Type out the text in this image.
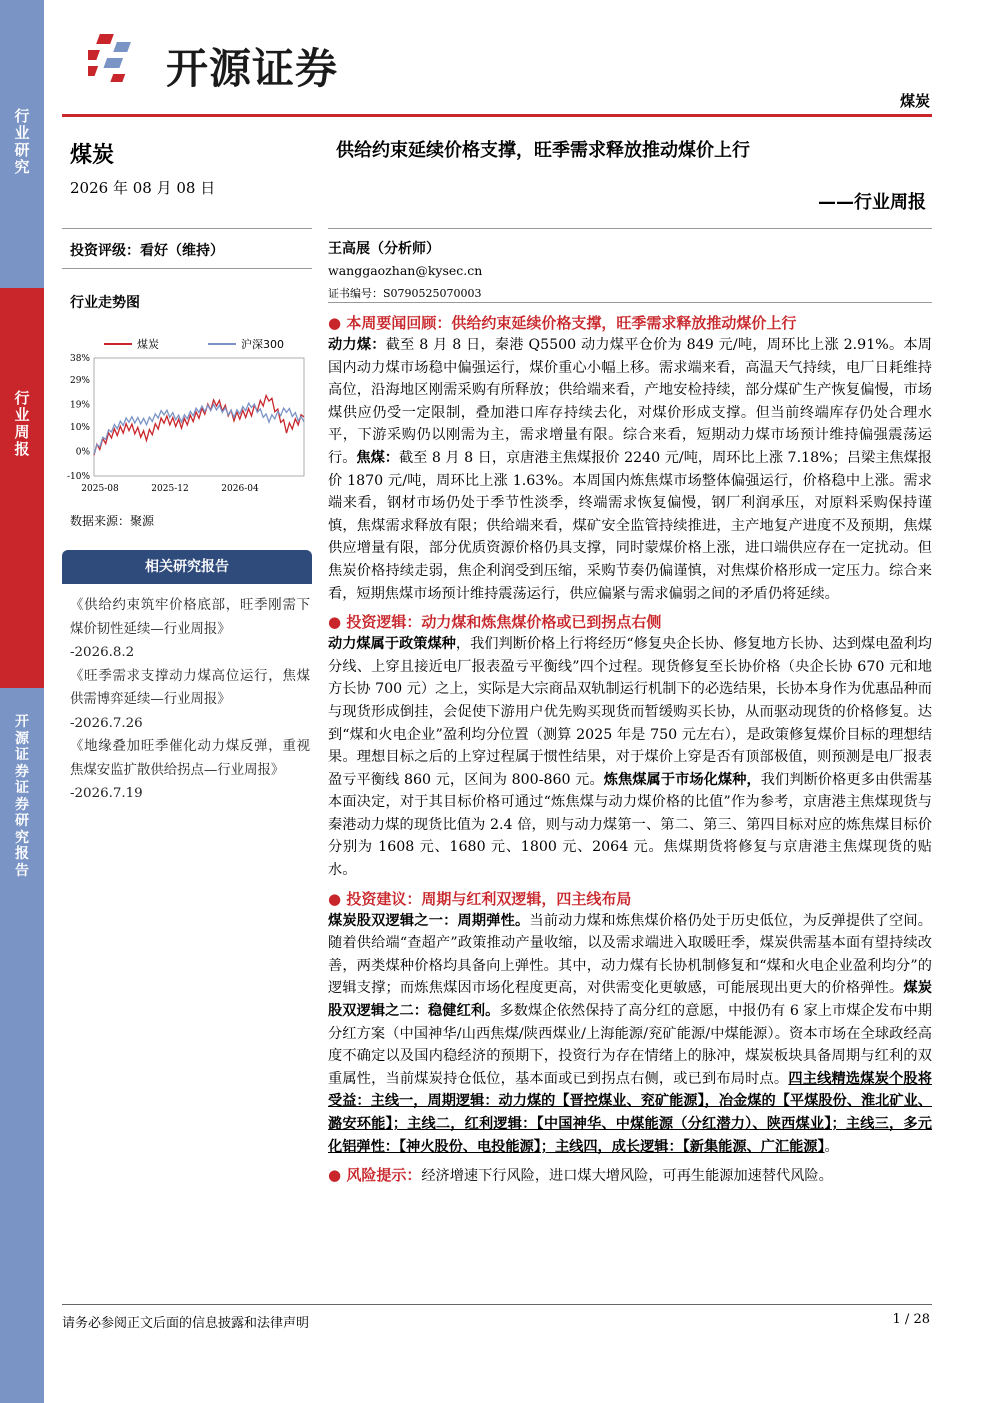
行业研究
行业周报
开源证券 证券研究报告
开源证券
煤炭
煤炭
2026 年 08 月 08 日
投资评级：看好（维持）
行业走势图
38%
29%
19%
10%
0%
-10%
2025-08	2025-12	2026-04
煤炭	沪深300
数据来源：聚源
相关研究报告
《供给约束筑牢价格底部，旺季刚需下煤价韧性延续—行业周报》
-2026.8.2
《旺季需求支撑动力煤高位运行，焦煤供需博弈延续—行业周报》
-2026.7.26
《地缘叠加旺季催化动力煤反弹，重视焦煤安监扩散供给拐点—行业周报》
-2026.7.19
供给约束延续价格支撑，旺季需求释放推动煤价上行
——行业周报
王高展（分析师）
wanggaozhan@kysec.cn
证书编号：S0790525070003
● 本周要闻回顾：供给约束延续价格支撑，旺季需求释放推动煤价上行
动力煤：截至 8 月 8 日，秦港 Q5500 动力煤平仓价为 849 元/吨，周环比上涨 2.91%。本周国内动力煤市场稳中偏强运行，煤价重心小幅上移。需求端来看，高温天气持续，电厂日耗维持高位，沿海地区刚需采购有所释放；供给端来看，产地安检持续，部分煤矿生产恢复偏慢，市场煤供应仍受一定限制，叠加港口库存持续去化，对煤价形成支撑。但当前终端库存仍处合理水平，下游采购仍以刚需为主，需求增量有限。综合来看，短期动力煤市场预计维持偏强震荡运行。焦煤：截至 8 月 8 日，京唐港主焦煤报价 2240 元/吨，周环比上涨 7.18%；吕梁主焦煤报价 1870 元/吨，周环比上涨 1.63%。本周国内炼焦煤市场整体偏强运行，价格稳中上涨。需求端来看，钢材市场仍处于季节性淡季，终端需求恢复偏慢，钢厂利润承压，对原料采购保持谨慎，焦煤需求释放有限；供给端来看，煤矿安全监管持续推进，主产地复产进度不及预期，焦煤供应增量有限，部分优质资源价格仍具支撑，同时蒙煤价格上涨，进口端供应存在一定扰动。但焦炭价格持续走弱，焦企利润受到压缩，采购节奏仍偏谨慎，对焦煤价格形成一定压力。综合来看，短期焦煤市场预计维持震荡运行，供应偏紧与需求偏弱之间的矛盾仍将延续。
● 投资逻辑：动力煤和炼焦煤价格或已到拐点右侧
动力煤属于政策煤种，我们判断价格上行将经历“修复央企长协、修复地方长协、达到煤电盈利均分线、上穿且接近电厂报表盈亏平衡线”四个过程。现货修复至长协价格（央企长协 670 元和地方长协 700 元）之上，实际是大宗商品双轨制运行机制下的必选结果，长协本身作为优惠品种而与现货形成倒挂，会促使下游用户优先购买现货而暂缓购买长协，从而驱动现货的价格修复。达到“煤和火电企业”盈利均分位置（测算 2025 年是 750 元左右），是政策修复煤价目标的理想结果。理想目标之后的上穿过程属于惯性结果，对于煤价上穿是否有顶部极值，则预测是电厂报表盈亏平衡线 860 元，区间为 800-860 元。炼焦煤属于市场化煤种，我们判断价格更多由供需基本面决定，对于其目标价格可通过“炼焦煤与动力煤价格的比值”作为参考，京唐港主焦煤现货与秦港动力煤的现货比值为 2.4 倍，则与动力煤第一、第二、第三、第四目标对应的炼焦煤目标价分别为 1608 元、1680 元、1800 元、2064 元。焦煤期货将修复与京唐港主焦煤现货的贴水。
● 投资建议：周期与红利双逻辑，四主线布局
煤炭股双逻辑之一：周期弹性。当前动力煤和炼焦煤价格仍处于历史低位，为反弹提供了空间。随着供给端“查超产”政策推动产量收缩，以及需求端进入取暖旺季，煤炭供需基本面有望持续改善，两类煤种价格均具备向上弹性。其中，动力煤有长协机制修复和“煤和火电企业盈利均分”的逻辑支撑；而炼焦煤因市场化程度更高，对供需变化更敏感，可能展现出更大的价格弹性。煤炭股双逻辑之二：稳健红利。多数煤企依然保持了高分红的意愿，中报仍有 6 家上市煤企发布中期分红方案（中国神华/山西焦煤/陕西煤业/上海能源/兖矿能源/中煤能源）。资本市场在全球政经高度不确定以及国内稳经济的预期下，投资行为存在情绪上的脉冲，煤炭板块具备周期与红利的双重属性，当前煤炭持仓低位，基本面或已到拐点右侧，或已到布局时点。四主线精选煤炭个股将受益：主线一，周期逻辑：动力煤的【晋控煤业、兖矿能源】，冶金煤的【平煤股份、淮北矿业、潞安环能】；主线二，红利逻辑：【中国神华、中煤能源（分红潜力）、陕西煤业】；主线三，多元化铝弹性：【神火股份、电投能源】；主线四，成长逻辑：【新集能源、广汇能源】。
● 风险提示：经济增速下行风险，进口煤大增风险，可再生能源加速替代风险。
请务必参阅正文后面的信息披露和法律声明	1 / 28
